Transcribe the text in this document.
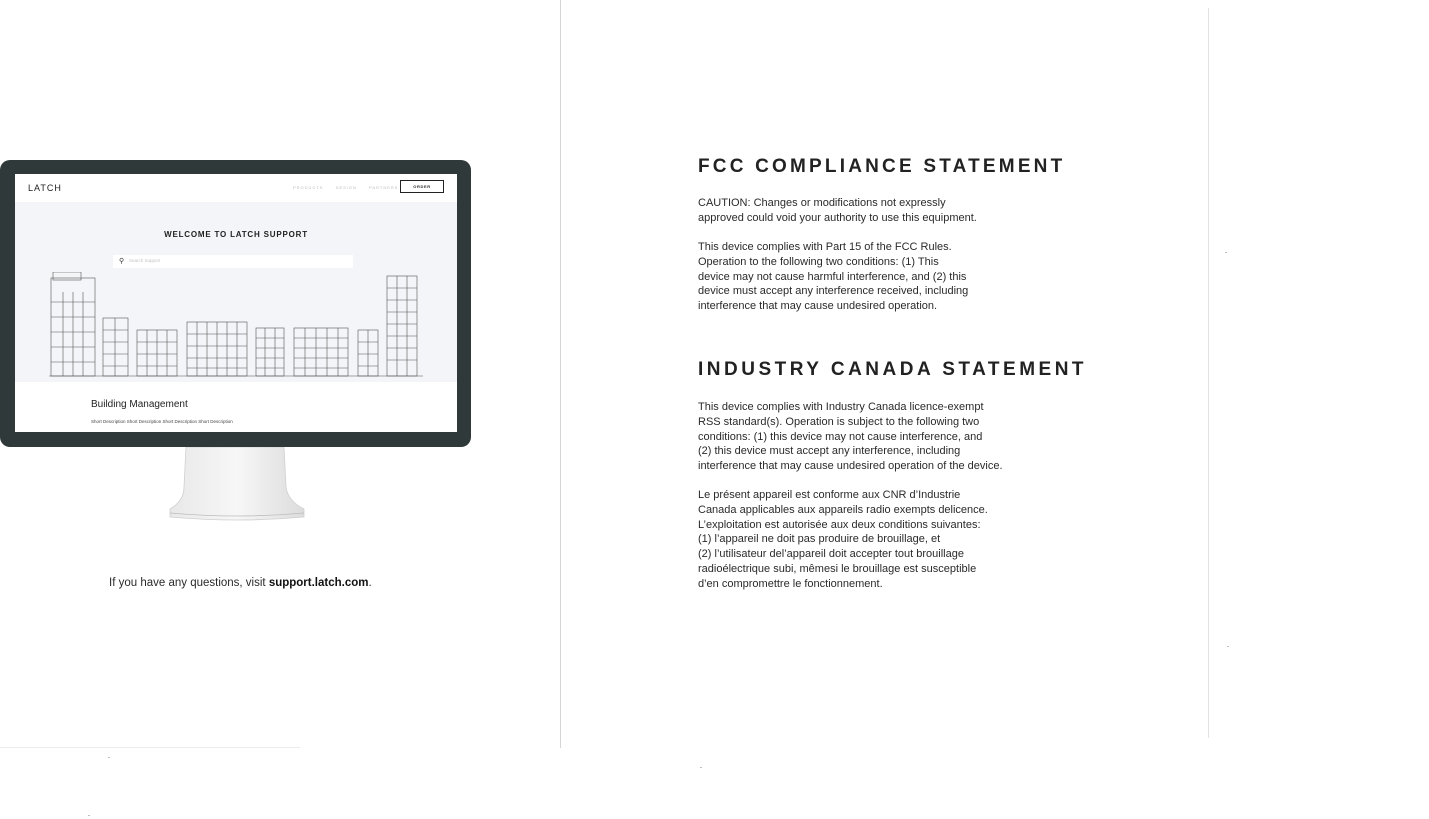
LATCH	PRODUCTS	DESIGN	PARTNERS	ORDER
WELCOME TO LATCH SUPPORT
⚲ Search Support
Building Management
Short Description Short Description Short Description Short Description
If you have any questions, visit support.latch.com.
FCC COMPLIANCE STATEMENT

CAUTION: Changes or modifications not expressly
approved could void your authority to use this equipment.

This device complies with Part 15 of the FCC Rules.
Operation to the following two conditions: (1) This
device may not cause harmful interference, and (2) this
device must accept any interference received, including
interference that may cause undesired operation.

INDUSTRY CANADA STATEMENT

This device complies with Industry Canada licence-exempt
RSS standard(s). Operation is subject to the following two
conditions: (1) this device may not cause interference, and
(2) this device must accept any interference, including
interference that may cause undesired operation of the device.

Le présent appareil est conforme aux CNR d’Industrie
Canada applicables aux appareils radio exempts delicence.
L’exploitation est autorisée aux deux conditions suivantes:
(1) l’appareil ne doit pas produire de brouillage, et
(2) l’utilisateur del’appareil doit accepter tout brouillage
radioélectrique subi, mêmesi le brouillage est susceptible
d’en compromettre le fonctionnement.
